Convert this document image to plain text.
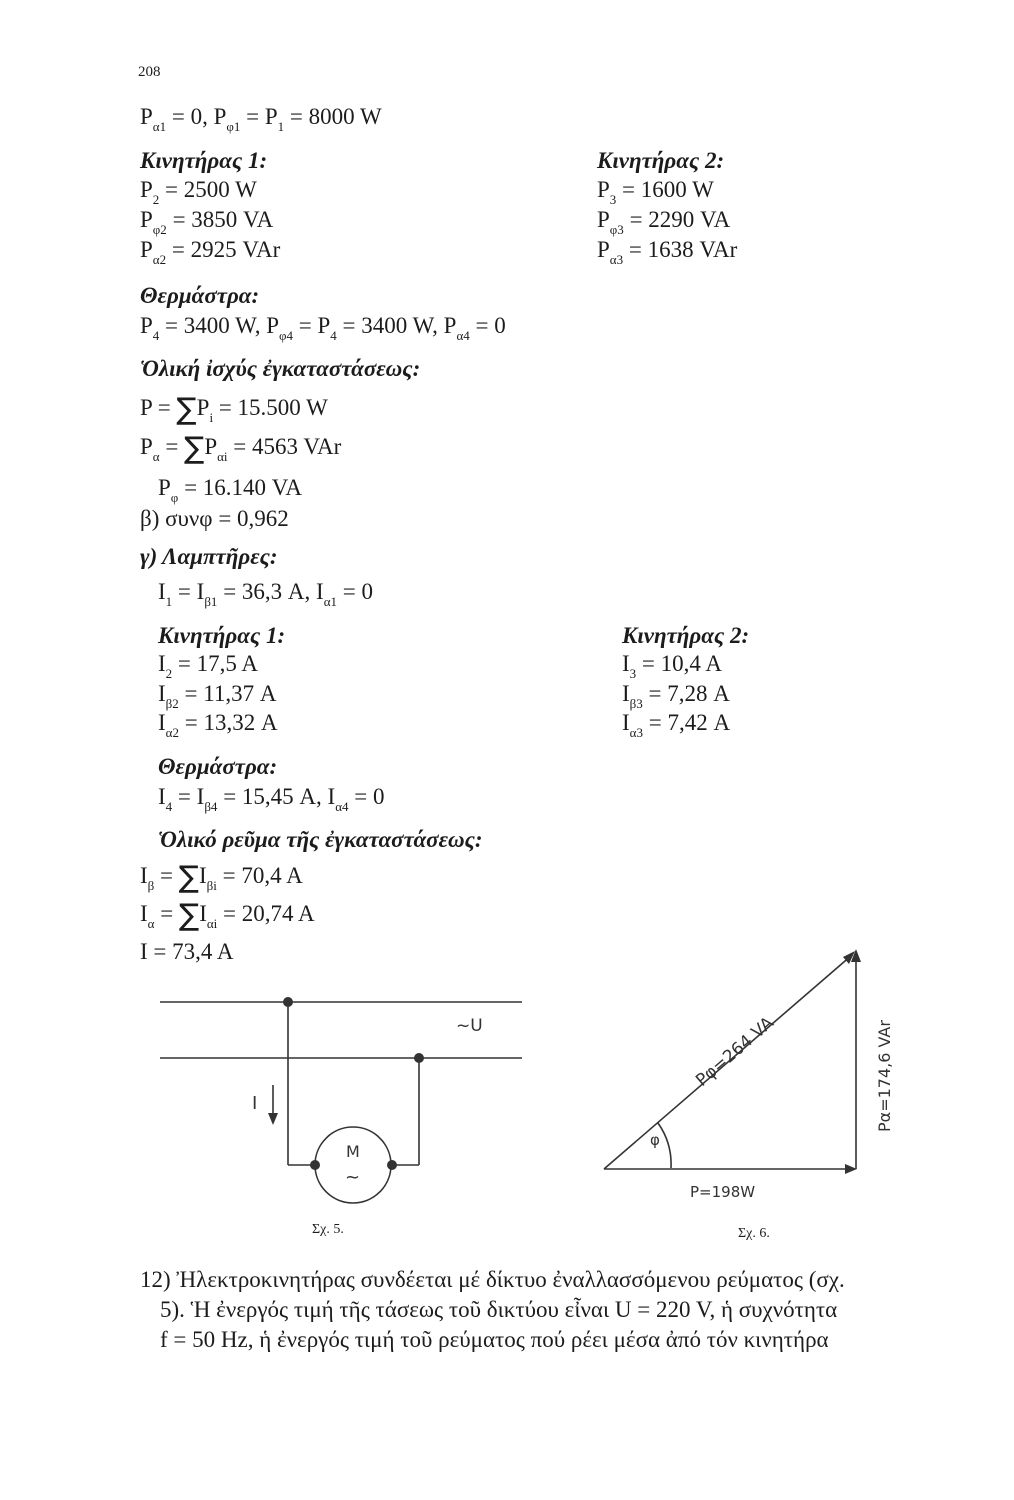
208
$P_{\alpha 1} = 0$, $P_{\varphi 1} = P_1 = 8000$ W
Κινητήρας 1:
$P_2 = 2500$ W
$P_{\varphi 2} = 3850$ VA
$P_{\alpha 2} = 2925$ VAr
Κινητήρας 2:
$P_3 = 1600$ W
$P_{\varphi 3} = 2290$ VA
$P_{\alpha 3} = 1638$ VAr
Θερμάστρα:
$P_4 = 3400$ W, $P_{\varphi 4} = P_4 = 3400$ W, $P_{\alpha 4} = 0$
Ὁλική ἰσχύς ἐγκαταστάσεως:
$P = \sum P_i = 15.500$ W
$P_\alpha = \sum P_{\alpha i} = 4563$ VAr
$P_\varphi = 16.140$ VA
β) συνφ = 0,962
γ) Λαμπτῆρες:
$I_1 = I_{\beta 1} = 36,3$ A, $I_{\alpha 1} = 0$
Κινητήρας 1:
$I_2 = 17,5$ A
$I_{\beta 2} = 11,37$ A
$I_{\alpha 2} = 13,32$ A
Κινητήρας 2:
$I_3 = 10,4$ A
$I_{\beta 3} = 7,28$ A
$I_{\alpha 3} = 7,42$ A
Θερμάστρα:
$I_4 = I_{\beta 4} = 15,45$ A, $I_{\alpha 4} = 0$
Ὁλικό ρεῦμα τῆς ἐγκαταστάσεως:
$I_\beta = \sum I_{\beta i} = 70,4$ A
$I_\alpha = \sum I_{\alpha i} = 20,74$ A
I = 73,4 A
~U
I
M
~
Σχ. 5.
Pφ=264 VA	Pα=174,6 VAr
P=198W
φ
Σχ. 6.

12) Ἠλεκτροκινητήρας συνδέεται μέ δίκτυο ἐναλλασσόμενου ρεύματος (σχ.

5). Ἡ ἐνεργός τιμή τῆς τάσεως τοῦ δικτύου εἶναι U = 220 V, ἡ συχνότητα

f = 50 Hz, ἡ ἐνεργός τιμή τοῦ ρεύματος πού ρέει μέσα ἀπό τόν κινητήρα
